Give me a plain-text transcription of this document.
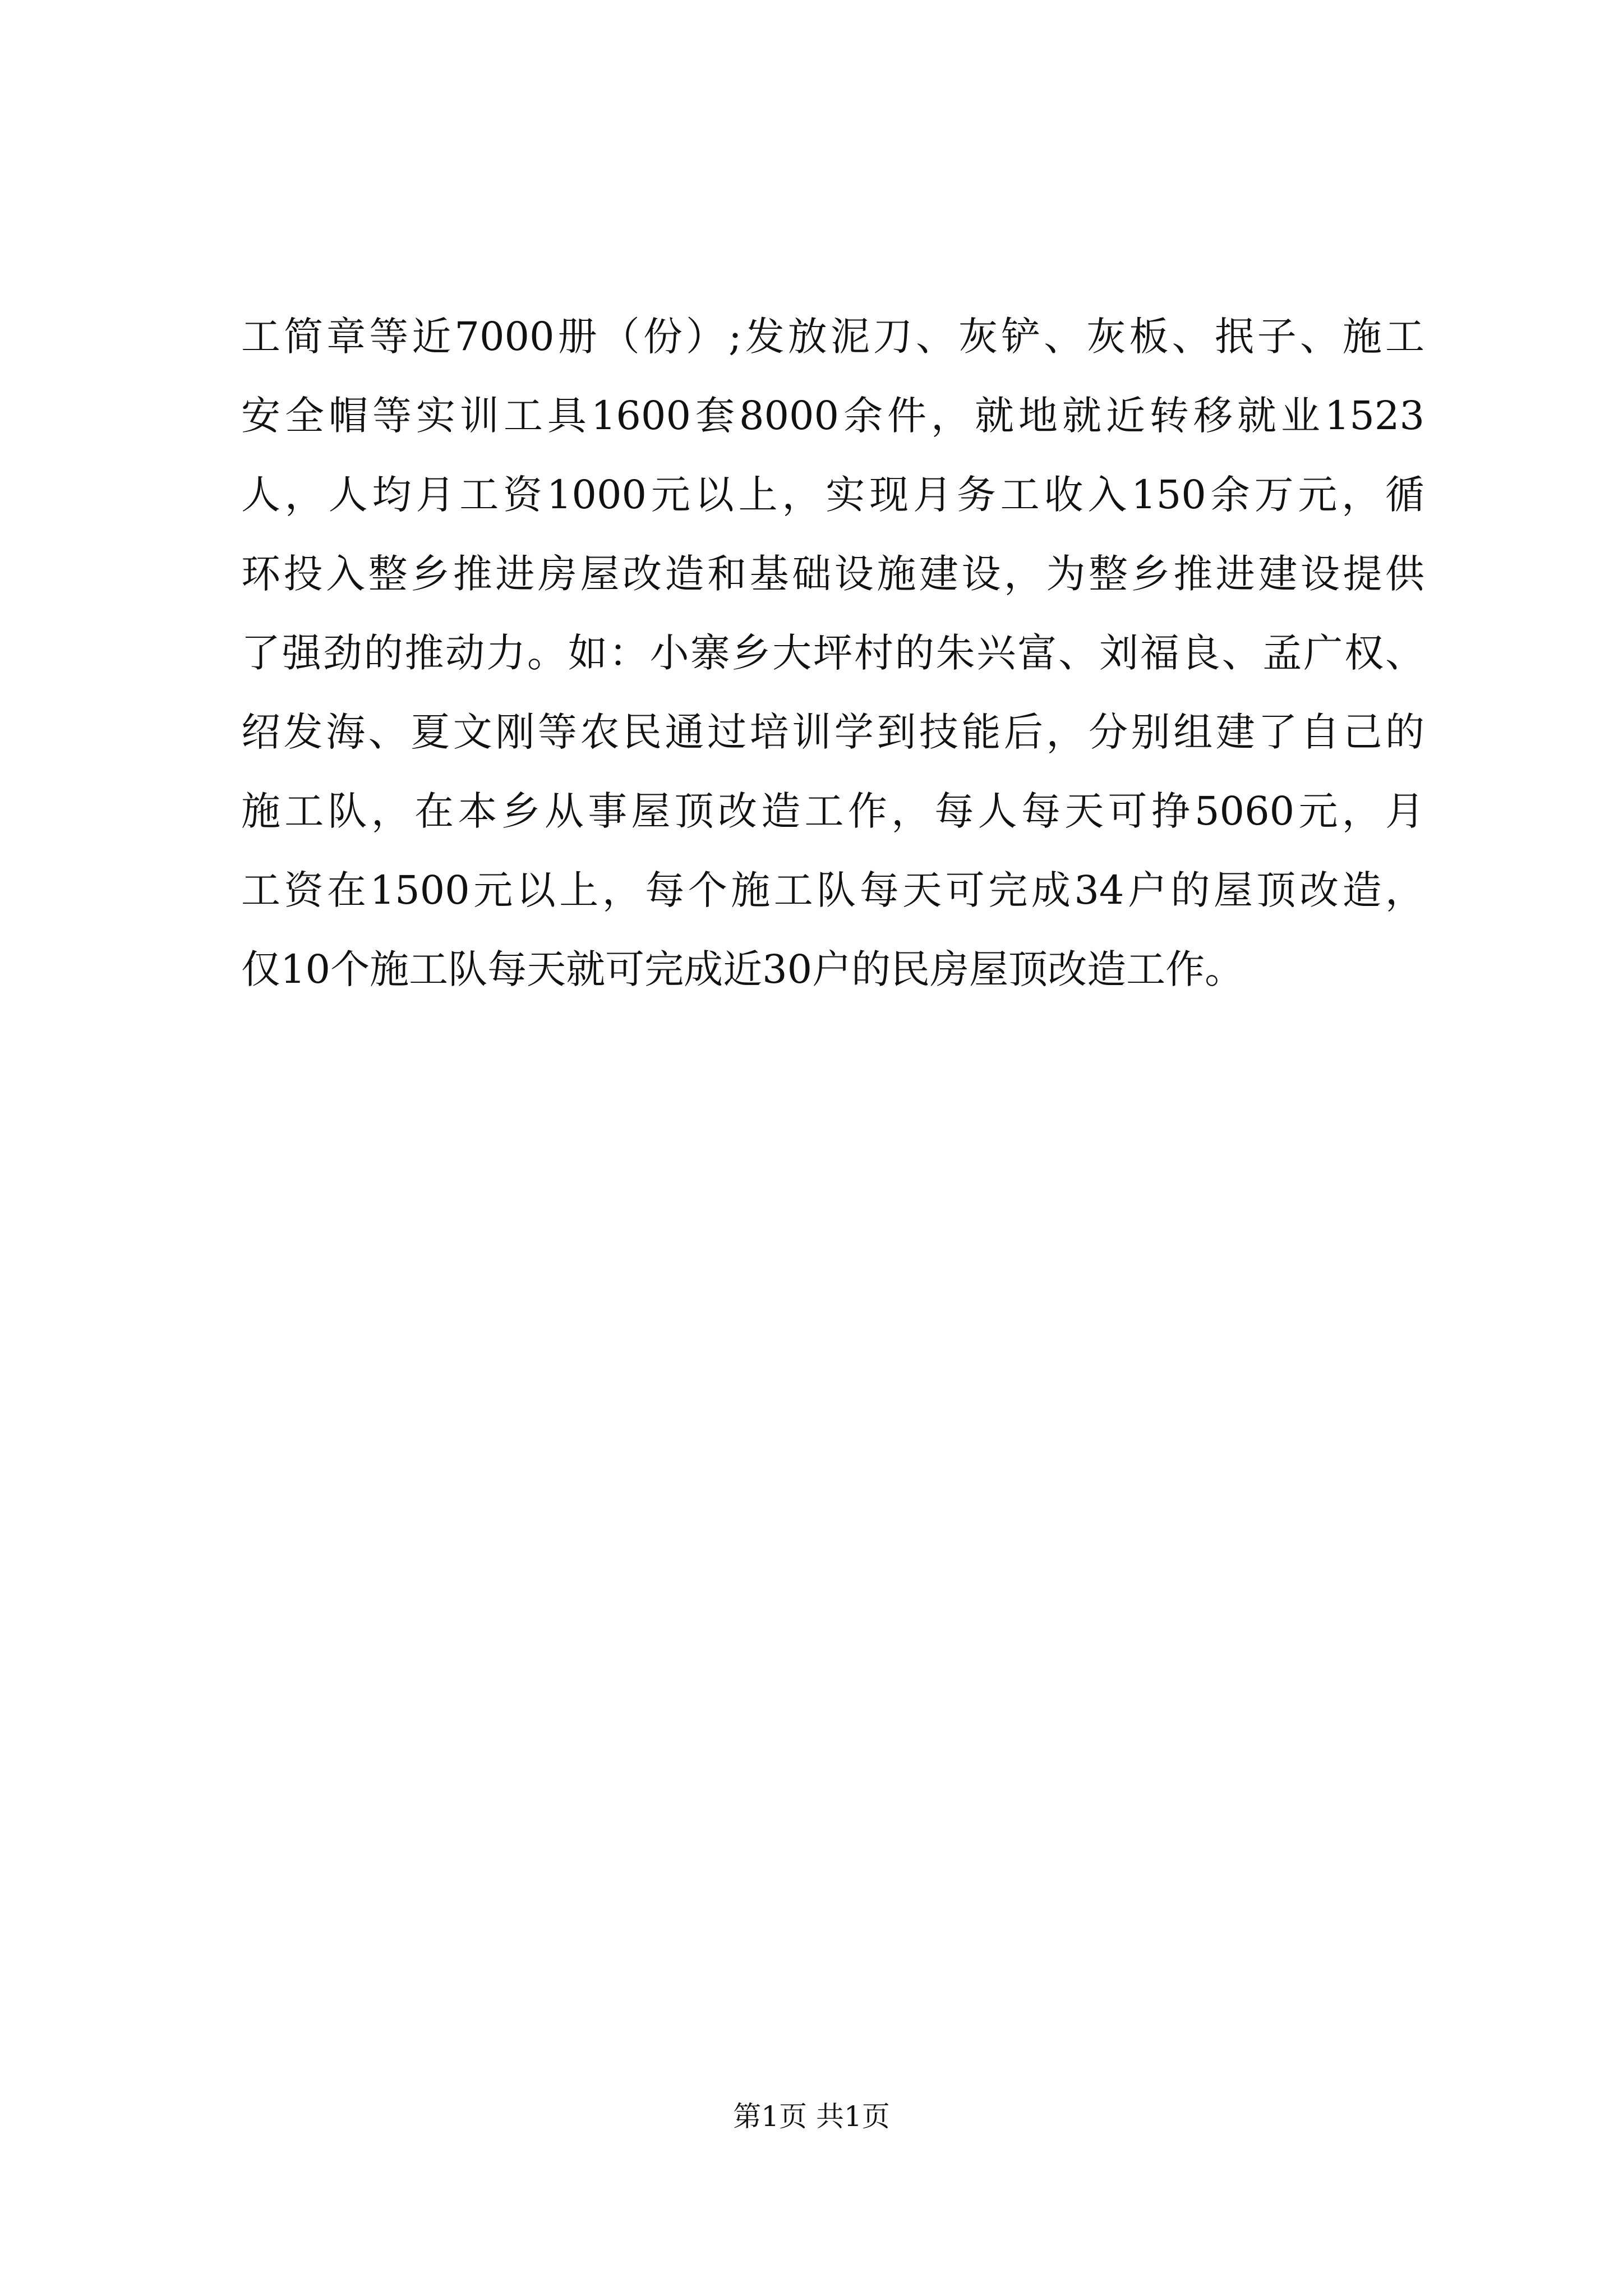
工简章等近7000册（份）;发放泥刀、灰铲、灰板、抿子、施工
安全帽等实训工具1600套8000余件，就地就近转移就业1523
人，人均月工资1000元以上，实现月务工收入150余万元，循
环投入整乡推进房屋改造和基础设施建设，为整乡推进建设提供
了强劲的推动力。如：小寨乡大坪村的朱兴富、刘福良、孟广权、
绍发海、夏文刚等农民通过培训学到技能后，分别组建了自己的
施工队，在本乡从事屋顶改造工作，每人每天可挣5060元，月
工资在1500元以上，每个施工队每天可完成34户的屋顶改造，
仅10个施工队每天就可完成近30户的民房屋顶改造工作。
第1页 共1页
